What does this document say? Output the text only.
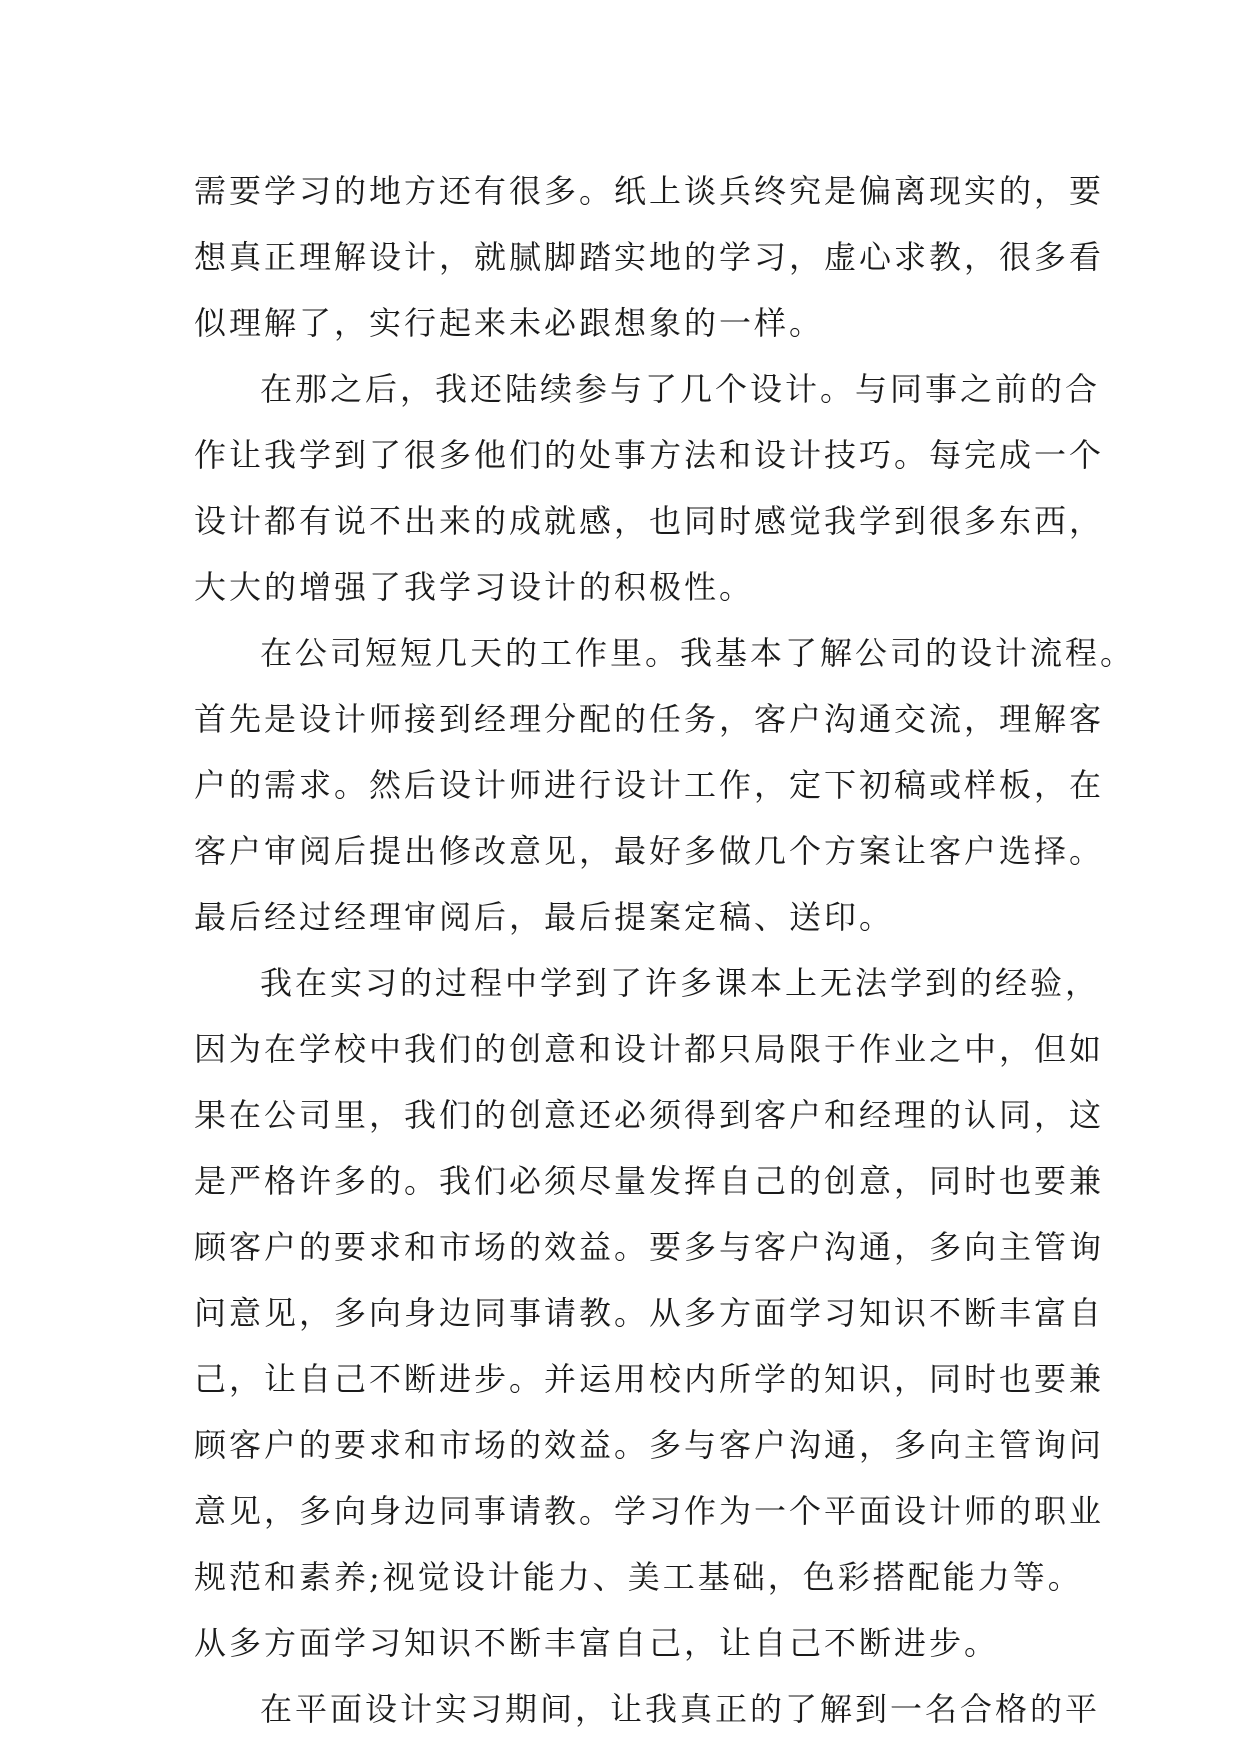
需要学习的地方还有很多。纸上谈兵终究是偏离现实的，要
想真正理解设计，就腻脚踏实地的学习，虚心求教，很多看
似理解了，实行起来未必跟想象的一样。
在那之后，我还陆续参与了几个设计。与同事之前的合
作让我学到了很多他们的处事方法和设计技巧。每完成一个
设计都有说不出来的成就感，也同时感觉我学到很多东西，
大大的增强了我学习设计的积极性。
在公司短短几天的工作里。我基本了解公司的设计流程。
首先是设计师接到经理分配的任务，客户沟通交流，理解客
户的需求。然后设计师进行设计工作，定下初稿或样板，在
客户审阅后提出修改意见，最好多做几个方案让客户选择。
最后经过经理审阅后，最后提案定稿、送印。
我在实习的过程中学到了许多课本上无法学到的经验，
因为在学校中我们的创意和设计都只局限于作业之中，但如
果在公司里，我们的创意还必须得到客户和经理的认同，这
是严格许多的。我们必须尽量发挥自己的创意，同时也要兼
顾客户的要求和市场的效益。要多与客户沟通，多向主管询
问意见，多向身边同事请教。从多方面学习知识不断丰富自
己，让自己不断进步。并运用校内所学的知识，同时也要兼
顾客户的要求和市场的效益。多与客户沟通，多向主管询问
意见，多向身边同事请教。学习作为一个平面设计师的职业
规范和素养;视觉设计能力、美工基础，色彩搭配能力等。
从多方面学习知识不断丰富自己，让自己不断进步。
在平面设计实习期间，让我真正的了解到一名合格的平
